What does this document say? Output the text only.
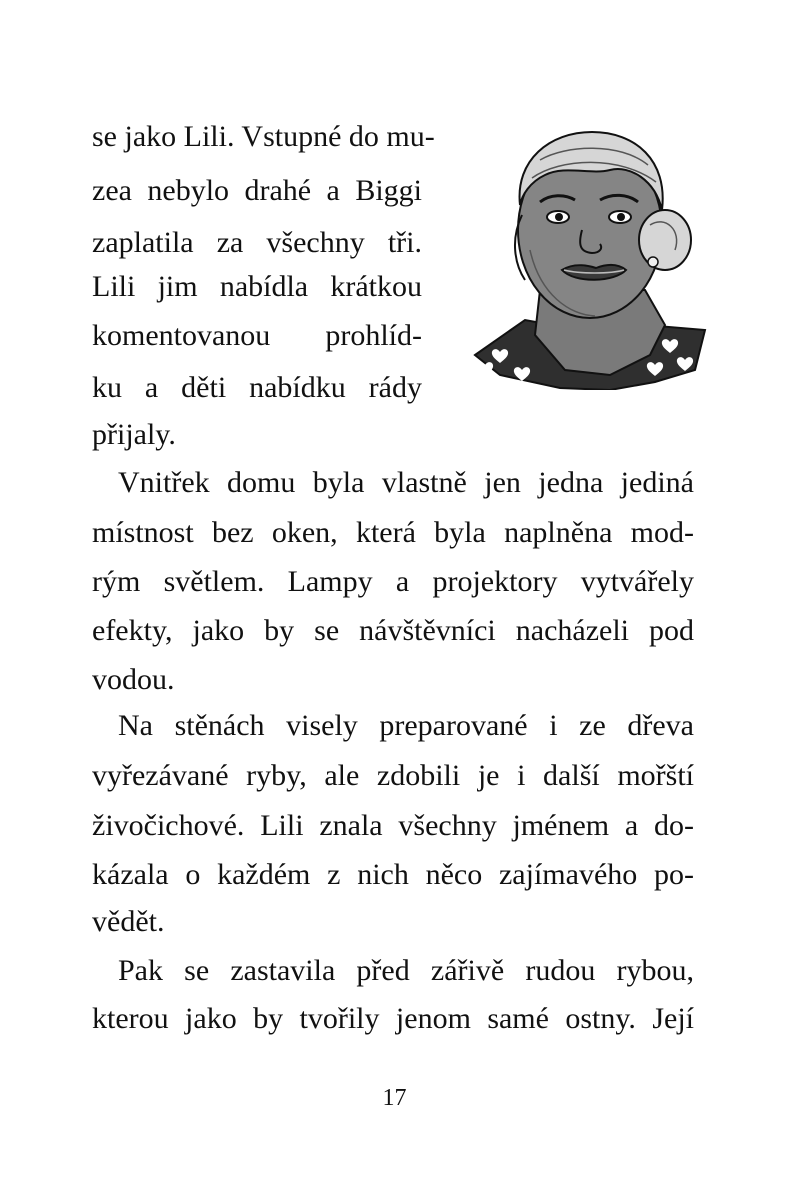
se jako Lili. Vstupné do mu-
zea nebylo drahé a Biggi
zaplatila za všechny tři.
Lili jim nabídla krátkou
komentovanou prohlíd-
ku a děti nabídku rády
přijaly.
Vnitřek domu byla vlastně jen jedna jediná
místnost bez oken, která byla naplněna mod-
rým světlem. Lampy a projektory vytvářely
efekty, jako by se návštěvníci nacházeli pod
vodou.
Na stěnách visely preparované i ze dřeva
vyřezávané ryby, ale zdobili je i další mořští
živočichové. Lili znala všechny jménem a do-
kázala o každém z nich něco zajímavého po-
vědět.
Pak se zastavila před zářivě rudou rybou,
kterou jako by tvořily jenom samé ostny. Její
17
